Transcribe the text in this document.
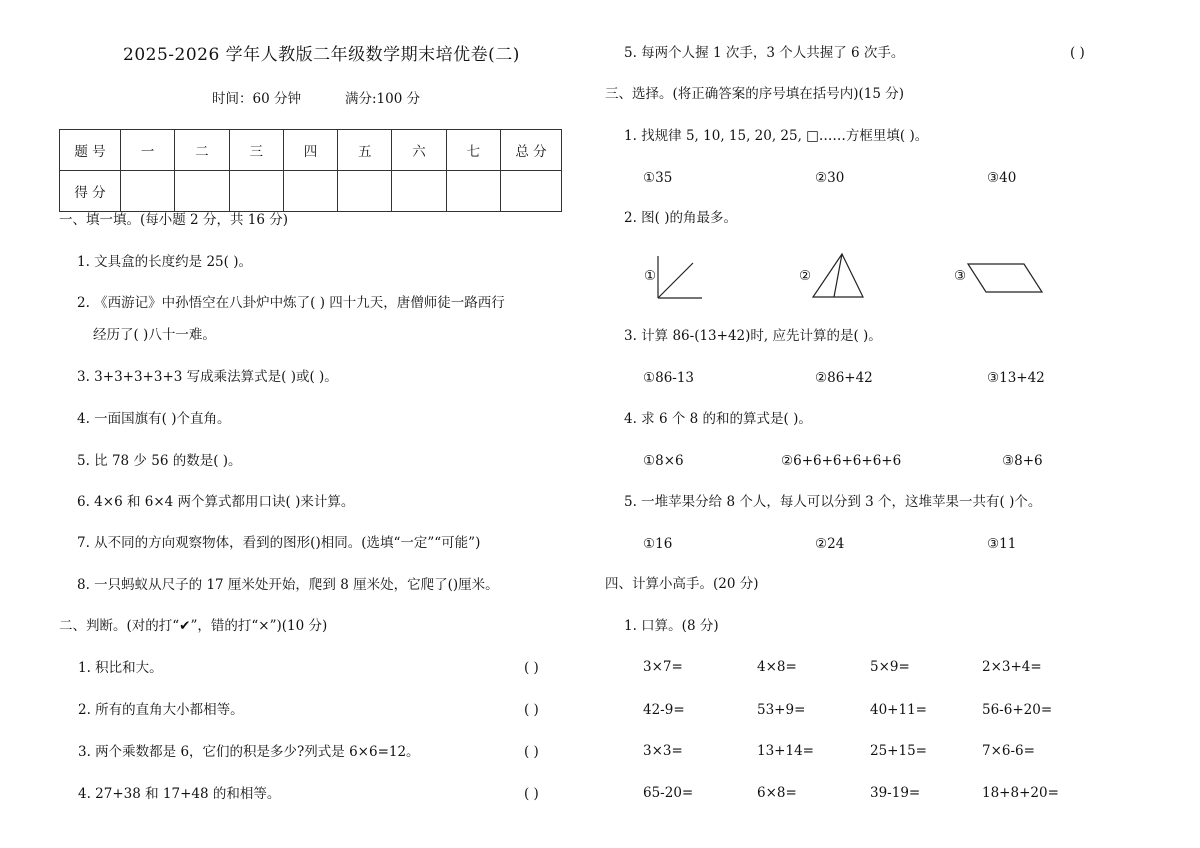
2025-2026 学年人教版二年级数学期末培优卷(二)
时间：60 分钟	满分:100 分
题 号	一	二	三	四	五	六	七	总 分
得 分								
一、填一填。(每小题 2 分，共 16 分)
1. 文具盒的长度约是 25( )。
2. 《西游记》中孙悟空在八卦炉中炼了( ) 四十九天，唐僧师徒一路西行
经历了( )八十一难。
3. 3+3+3+3+3 写成乘法算式是( )或( )。
4. 一面国旗有( )个直角。
5. 比 78 少 56 的数是( )。
6. 4×6 和 6×4 两个算式都用口诀( )来计算。
7. 从不同的方向观察物体，看到的图形()相同。(选填“一定”“可能”)
8. 一只蚂蚁从尺子的 17 厘米处开始，爬到 8 厘米处，它爬了()厘米。
二、判断。(对的打“✔”，错的打“×”)(10 分)
1. 积比和大。	( )
2. 所有的直角大小都相等。	( )
3. 两个乘数都是 6，它们的积是多少?列式是 6×6=12。	( )
4. 27+38 和 17+48 的和相等。	( )
5. 每两个人握 1 次手，3 个人共握了 6 次手。	( )
三、选择。(将正确答案的序号填在括号内)(15 分)
1. 找规律 5, 10, 15, 20, 25, □……方框里填( )。
①35	②30	③40
2. 图( )的角最多。
①	②	③
3. 计算 86-(13+42)时, 应先计算的是( )。
①86-13	②86+42	③13+42
4. 求 6 个 8 的和的算式是( )。
①8×6	②6+6+6+6+6+6	③8+6
5. 一堆苹果分给 8 个人，每人可以分到 3 个，这堆苹果一共有( )个。
①16	②24	③11
四、计算小高手。(20 分)
1. 口算。(8 分)
3×7=	4×8=	5×9=	2×3+4=
42-9=	53+9=	40+11=	56-6+20=
3×3=	13+14=	25+15=	7×6-6=
65-20=	6×8=	39-19=	18+8+20=
